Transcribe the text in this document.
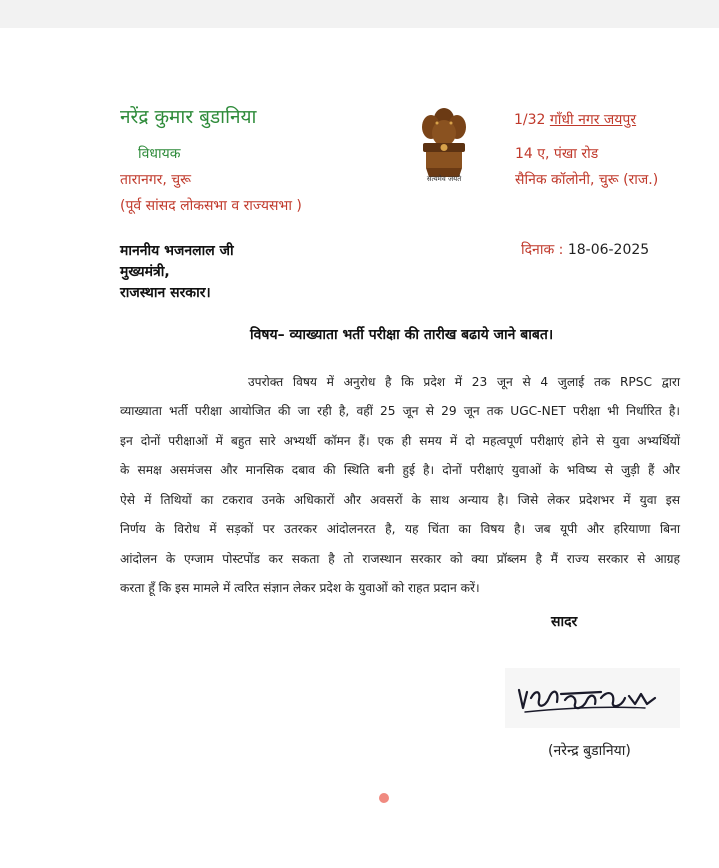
नरेंद्र कुमार बुडानिया
विधायक
तारानगर, चुरू
(पूर्व सांसद लोकसभा व राज्यसभा )
सत्यमेव जयते
1/32 गाँधी नगर जयपुर
14 ए, पंखा रोड
सैनिक कॉलोनी, चुरू (राज.)
माननीय भजनलाल जी
मुख्यमंत्री,
राजस्थान सरकार।
दिनाक : 18-06-2025
विषय– व्याख्याता भर्ती परीक्षा की तारीख बढाये जाने बाबत।
उपरोक्त विषय में अनुरोध है कि प्रदेश में 23 जून से 4 जुलाई तक RPSC द्वारा
व्याख्याता भर्ती परीक्षा आयोजित की जा रही है, वहीं 25 जून से 29 जून तक UGC-NET परीक्षा भी निर्धारित है।
इन दोनों परीक्षाओं में बहुत सारे अभ्यर्थी कॉमन हैं। एक ही समय में दो महत्वपूर्ण परीक्षाएं होने से युवा अभ्यर्थियों
के समक्ष असमंजस और मानसिक दबाव की स्थिति बनी हुई है। दोनों परीक्षाएं युवाओं के भविष्य से जुड़ी हैं और
ऐसे में तिथियों का टकराव उनके अधिकारों और अवसरों के साथ अन्याय है। जिसे लेकर प्रदेशभर में युवा इस
निर्णय के विरोध में सड़कों पर उतरकर आंदोलनरत है, यह चिंता का विषय है। जब यूपी और हरियाणा बिना
आंदोलन के एग्जाम पोस्टपोंड कर सकता है तो राजस्थान सरकार को क्या प्रॉब्लम है मैं राज्य सरकार से आग्रह
करता हूँ कि इस मामले में त्वरित संज्ञान लेकर प्रदेश के युवाओं को राहत प्रदान करें।
सादर
(नरेन्द्र बुडानिया)
